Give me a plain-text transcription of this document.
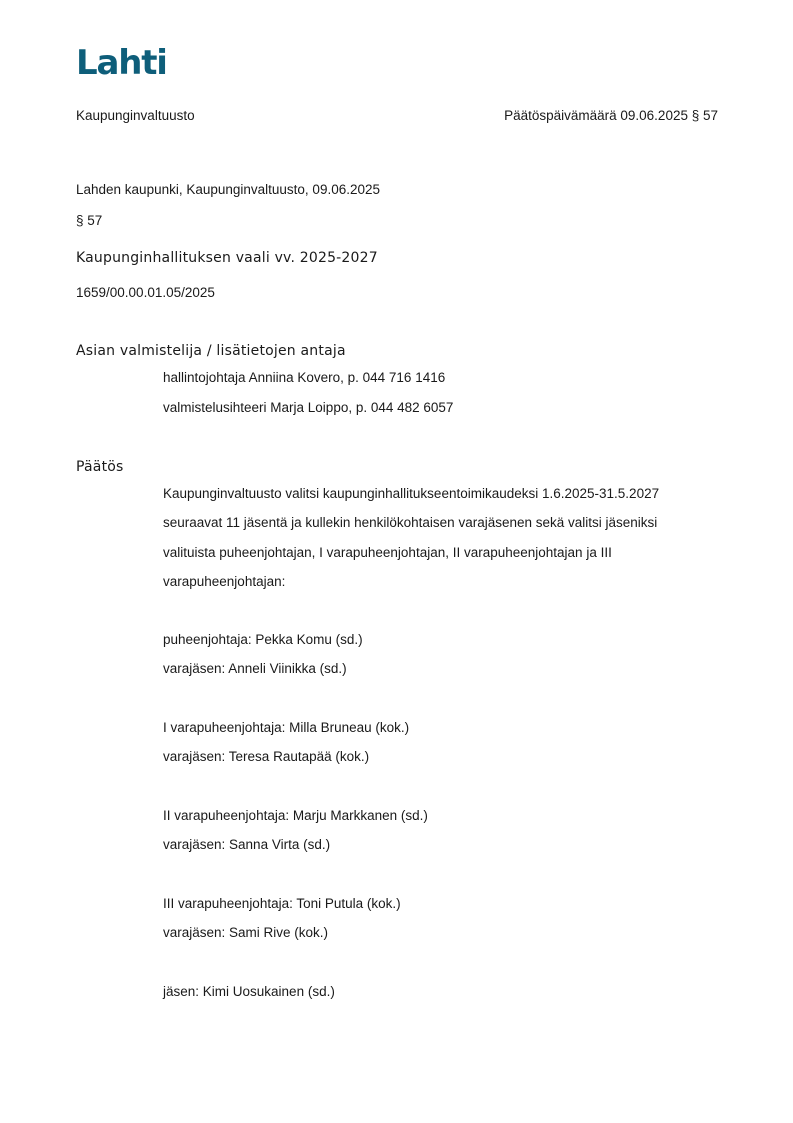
Lahti
Kaupunginvaltuusto	Päätöspäivämäärä 09.06.2025 § 57
Lahden kaupunki, Kaupunginvaltuusto, 09.06.2025
§ 57
Kaupunginhallituksen vaali vv. 2025-2027
1659/00.00.01.05/2025
Asian valmistelija / lisätietojen antaja
hallintojohtaja Anniina Kovero, p. 044 716 1416
valmistelusihteeri Marja Loippo, p. 044 482 6057
Päätös
Kaupunginvaltuusto valitsi kaupunginhallitukseentoimikaudeksi 1.6.2025-31.5.2027
seuraavat 11 jäsentä ja kullekin henkilökohtaisen varajäsenen sekä valitsi jäseniksi
valituista puheenjohtajan, I varapuheenjohtajan, II varapuheenjohtajan ja III
varapuheenjohtajan:
puheenjohtaja: Pekka Komu (sd.)
varajäsen: Anneli Viinikka (sd.)
I varapuheenjohtaja: Milla Bruneau (kok.)
varajäsen: Teresa Rautapää (kok.)
II varapuheenjohtaja: Marju Markkanen (sd.)
varajäsen: Sanna Virta (sd.)
III varapuheenjohtaja: Toni Putula (kok.)
varajäsen: Sami Rive (kok.)
jäsen: Kimi Uosukainen (sd.)
